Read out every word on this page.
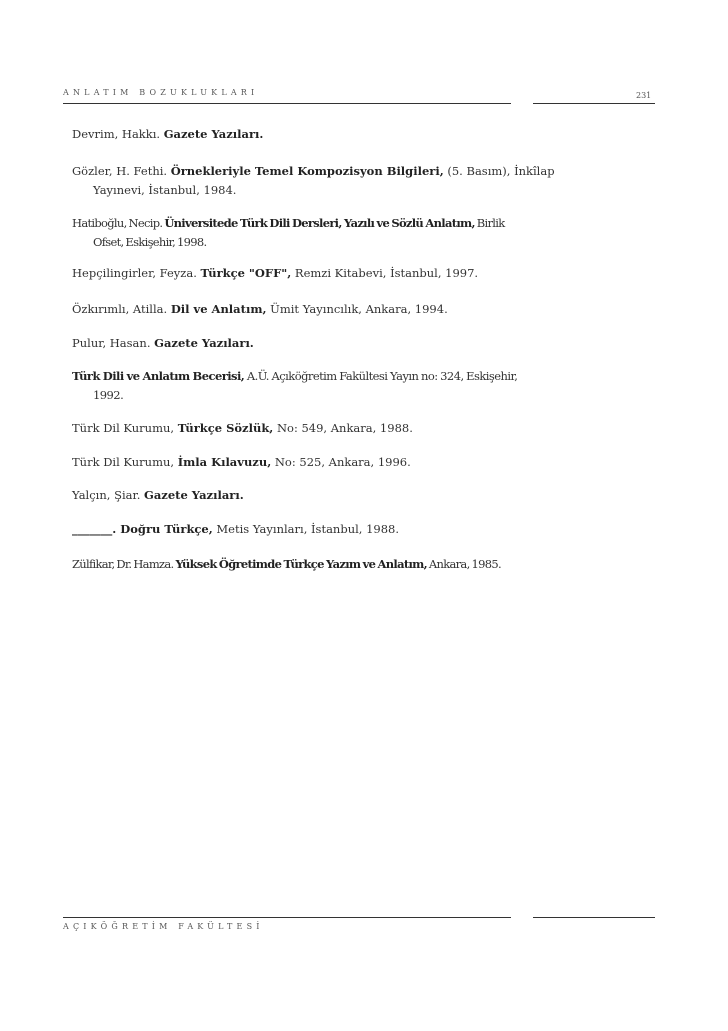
ANLATIM BOZUKLUKLARI	231
Devrim, Hakkı. Gazete Yazıları.
Gözler, H. Fethi. Örnekleriyle Temel Kompozisyon Bilgileri, (5. Basım), İnkîlap
Yayınevi, İstanbul, 1984.
Hatiboğlu, Necip. Üniversitede Türk Dili Dersleri, Yazılı ve Sözlü Anlatım, Birlik
Ofset, Eskişehir, 1998.
Hepçilingirler, Feyza. Türkçe "OFF", Remzi Kitabevi, İstanbul, 1997.
Özkırımlı, Atilla. Dil ve Anlatım, Ümit Yayıncılık, Ankara, 1994.
Pulur, Hasan. Gazete Yazıları.
Türk Dili ve Anlatım Becerisi, A.Ü. Açıköğretim Fakültesi Yayın no: 324, Eskişehir,
1992.
Türk Dil Kurumu, Türkçe Sözlük, No: 549, Ankara, 1988.
Türk Dil Kurumu, İmla Kılavuzu, No: 525, Ankara, 1996.
Yalçın, Şiar. Gazete Yazıları.
_______. Doğru Türkçe, Metis Yayınları, İstanbul, 1988.
Zülfikar, Dr. Hamza. Yüksek Öğretimde Türkçe Yazım ve Anlatım, Ankara, 1985.
AÇIKÖĞRETİM FAKÜLTESİ
